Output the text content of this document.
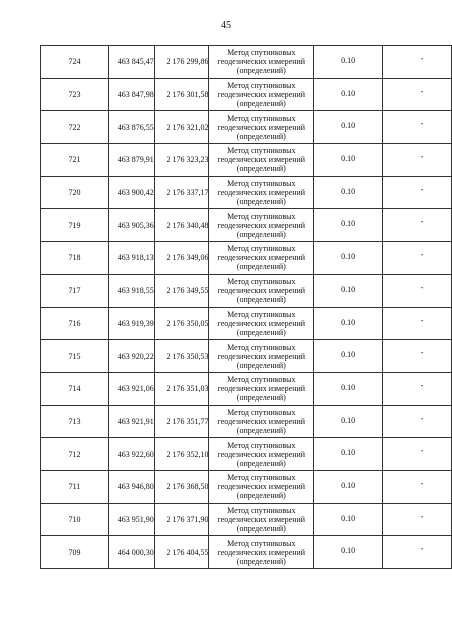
45
724	463 845,47	2 176 299,86	Метод спутниковых
геодезических измерений
(определений)	0.10	-
723	463 847,98	2 176 301,58	Метод спутниковых
геодезических измерений
(определений)	0.10	-
722	463 876,55	2 176 321,02	Метод спутниковых
геодезических измерений
(определений)	0.10	-
721	463 879,91	2 176 323,23	Метод спутниковых
геодезических измерений
(определений)	0.10	-
720	463 900,42	2 176 337,17	Метод спутниковых
геодезических измерений
(определений)	0.10	-
719	463 905,36	2 176 340,48	Метод спутниковых
геодезических измерений
(определений)	0.10	-
718	463 918,13	2 176 349,06	Метод спутниковых
геодезических измерений
(определений)	0.10	-
717	463 918,55	2 176 349,55	Метод спутниковых
геодезических измерений
(определений)	0.10	-
716	463 919,39	2 176 350,05	Метод спутниковых
геодезических измерений
(определений)	0.10	-
715	463 920,22	2 176 350,53	Метод спутниковых
геодезических измерений
(определений)	0.10	-
714	463 921,06	2 176 351,03	Метод спутниковых
геодезических измерений
(определений)	0.10	-
713	463 921,91	2 176 351,77	Метод спутниковых
геодезических измерений
(определений)	0.10	-
712	463 922,60	2 176 352,10	Метод спутниковых
геодезических измерений
(определений)	0.10	-
711	463 946,80	2 176 368,50	Метод спутниковых
геодезических измерений
(определений)	0.10	-
710	463 951,90	2 176 371,90	Метод спутниковых
геодезических измерений
(определений)	0.10	-
709	464 000,30	2 176 404,55	Метод спутниковых
геодезических измерений
(определений)	0.10	-
